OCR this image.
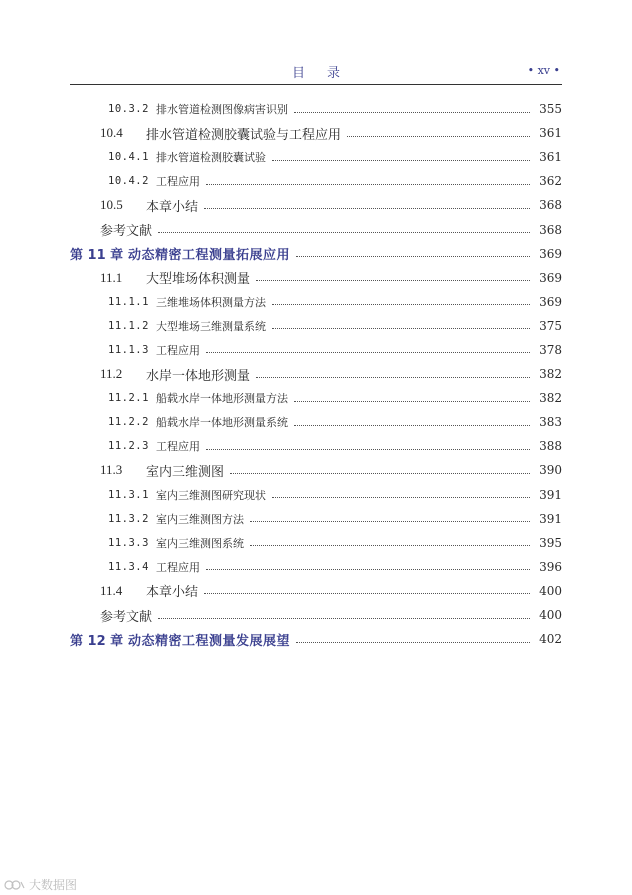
目录	• xv •
10.3.2 排水管道检测图像病害识别	355
10.4	排水管道检测胶囊试验与工程应用	361
10.4.1 排水管道检测胶囊试验	361
10.4.2 工程应用	362
10.5	本章小结	368
参考文献	368
第 11 章 动态精密工程测量拓展应用	369
11.1	大型堆场体积测量	369
11.1.1 三维堆场体积测量方法	369
11.1.2 大型堆场三维测量系统	375
11.1.3 工程应用	378
11.2	水岸一体地形测量	382
11.2.1 船载水岸一体地形测量方法	382
11.2.2 船载水岸一体地形测量系统	383
11.2.3 工程应用	388
11.3	室内三维测图	390
11.3.1 室内三维测图研究现状	391
11.3.2 室内三维测图方法	391
11.3.3 室内三维测图系统	395
11.3.4 工程应用	396
11.4	本章小结	400
参考文献	400
第 12 章 动态精密工程测量发展展望	402
大数据图
